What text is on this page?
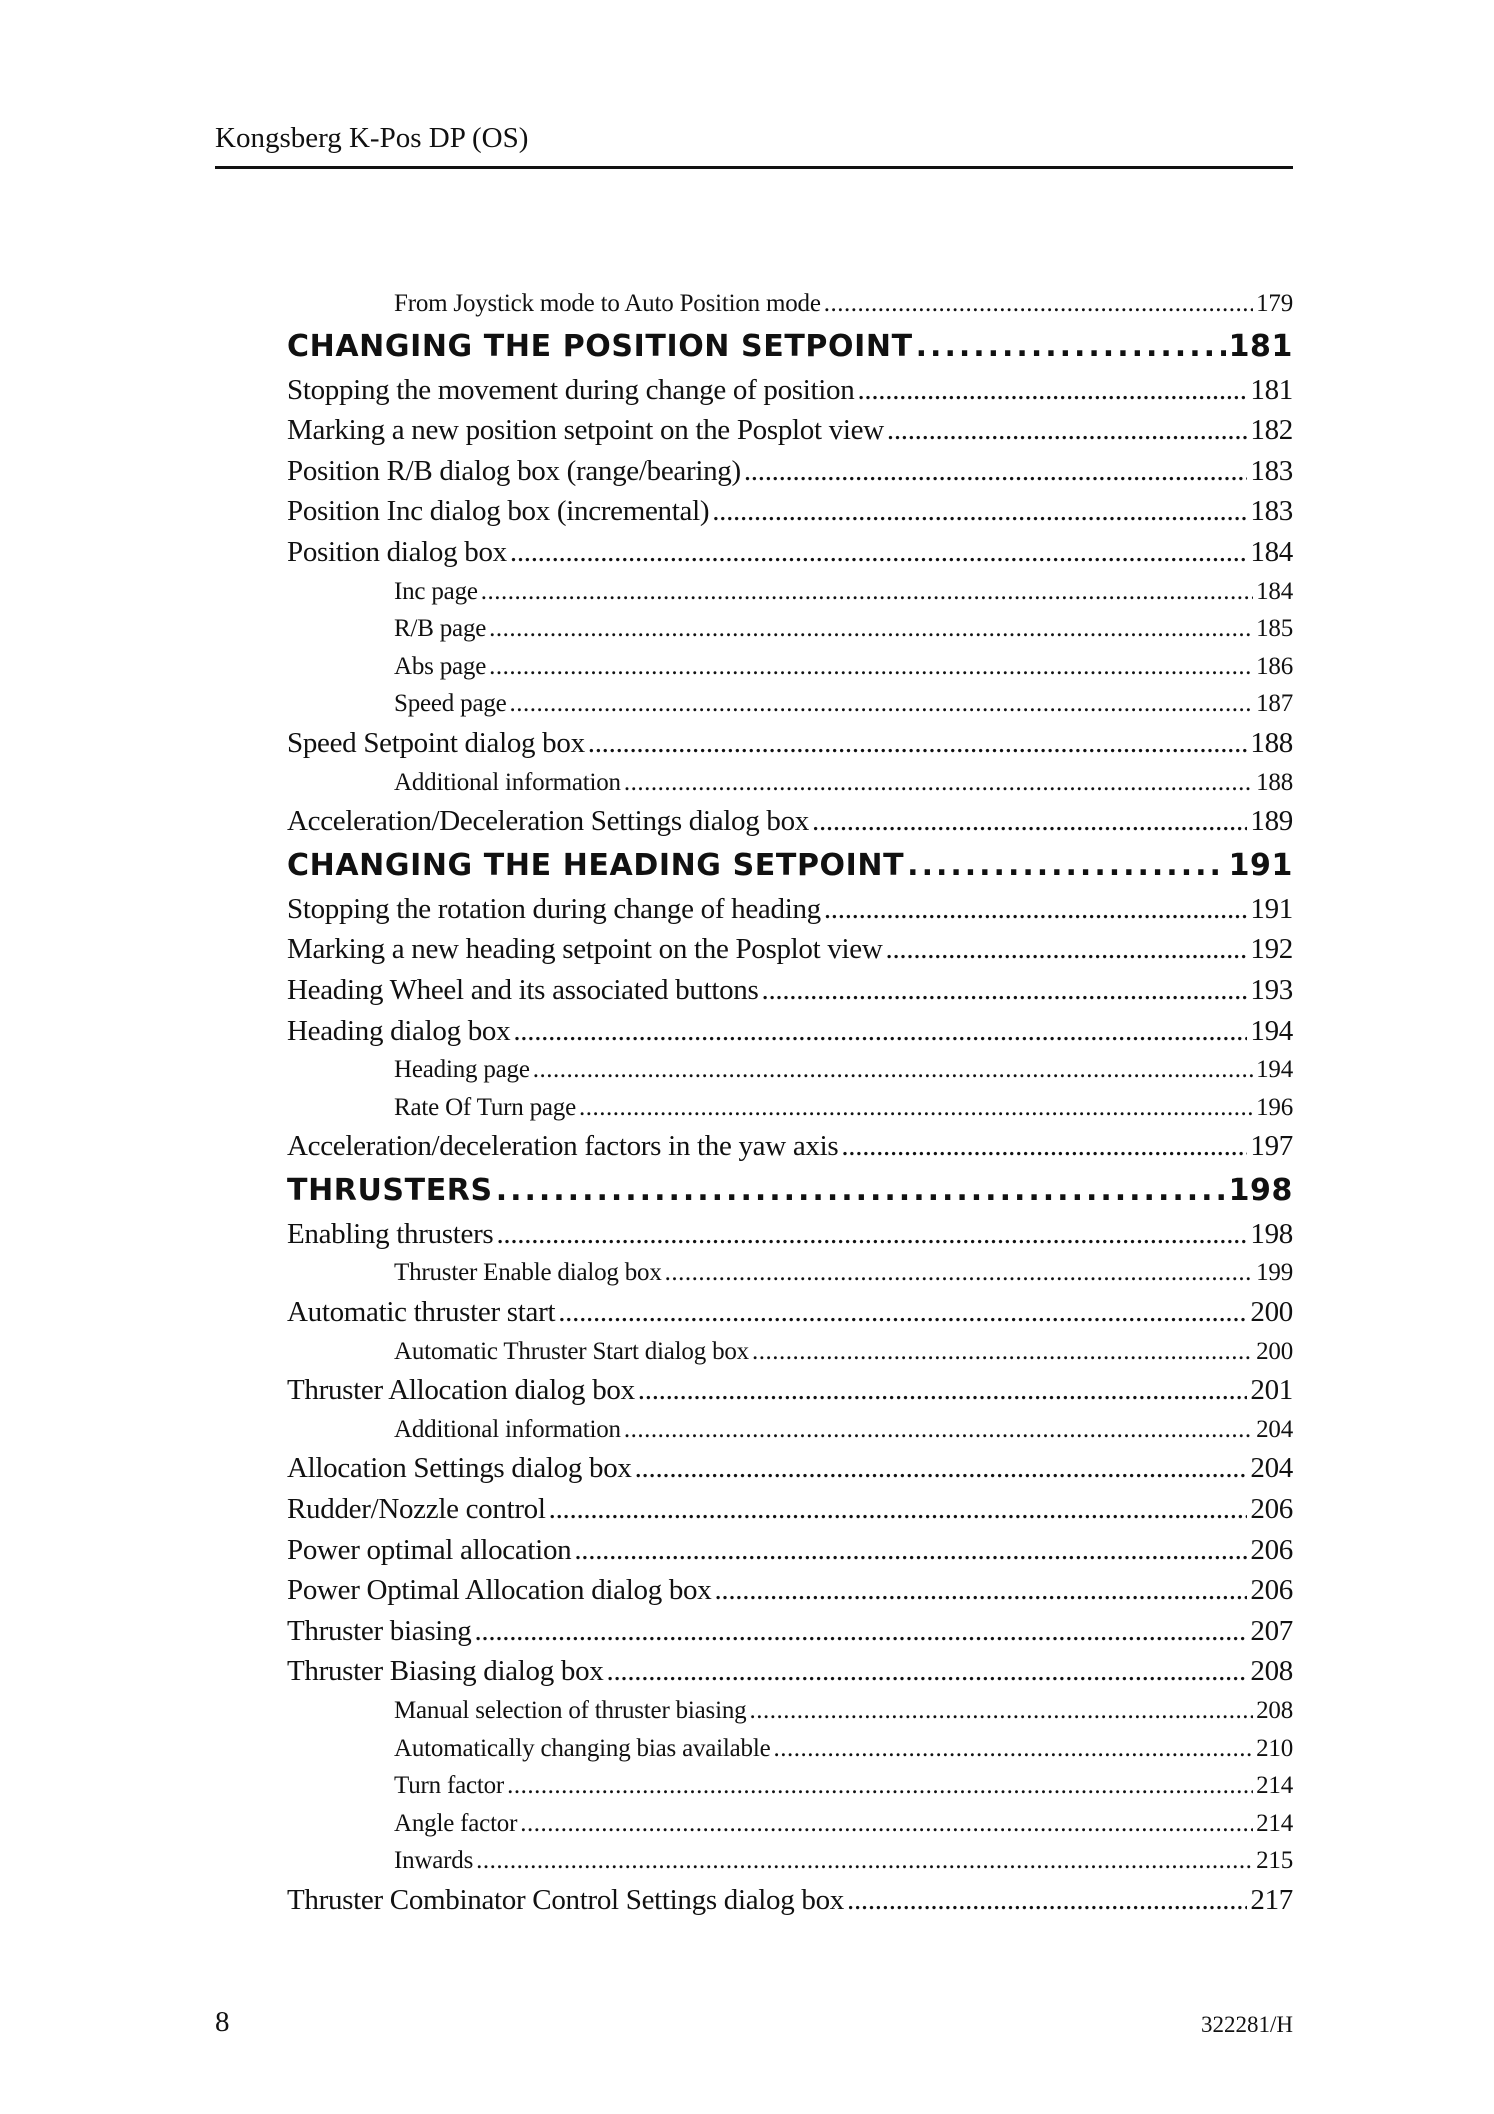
Kongsberg K-Pos DP (OS)
From Joystick mode to Auto Position mode .....	179
CHANGING THE POSITION SETPOINT .....	181
Stopping the movement during change of position .....	181
Marking a new position setpoint on the Posplot view .....	182
Position R/B dialog box (range/bearing) .....	183
Position Inc dialog box (incremental) .....	183
Position dialog box .....	184
Inc page .....	184
R/B page .....	185
Abs page .....	186
Speed page .....	187
Speed Setpoint dialog box .....	188
Additional information .....	188
Acceleration/Deceleration Settings dialog box .....	189
CHANGING THE HEADING SETPOINT .....	191
Stopping the rotation during change of heading .....	191
Marking a new heading setpoint on the Posplot view .....	192
Heading Wheel and its associated buttons .....	193
Heading dialog box .....	194
Heading page .....	194
Rate Of Turn page .....	196
Acceleration/deceleration factors in the yaw axis .....	197
THRUSTERS .....	198
Enabling thrusters .....	198
Thruster Enable dialog box .....	199
Automatic thruster start .....	200
Automatic Thruster Start dialog box .....	200
Thruster Allocation dialog box .....	201
Additional information .....	204
Allocation Settings dialog box .....	204
Rudder/Nozzle control .....	206
Power optimal allocation .....	206
Power Optimal Allocation dialog box .....	206
Thruster biasing .....	207
Thruster Biasing dialog box .....	208
Manual selection of thruster biasing .....	208
Automatically changing bias available .....	210
Turn factor .....	214
Angle factor .....	214
Inwards .....	215
Thruster Combinator Control Settings dialog box .....	217
8	322281/H
